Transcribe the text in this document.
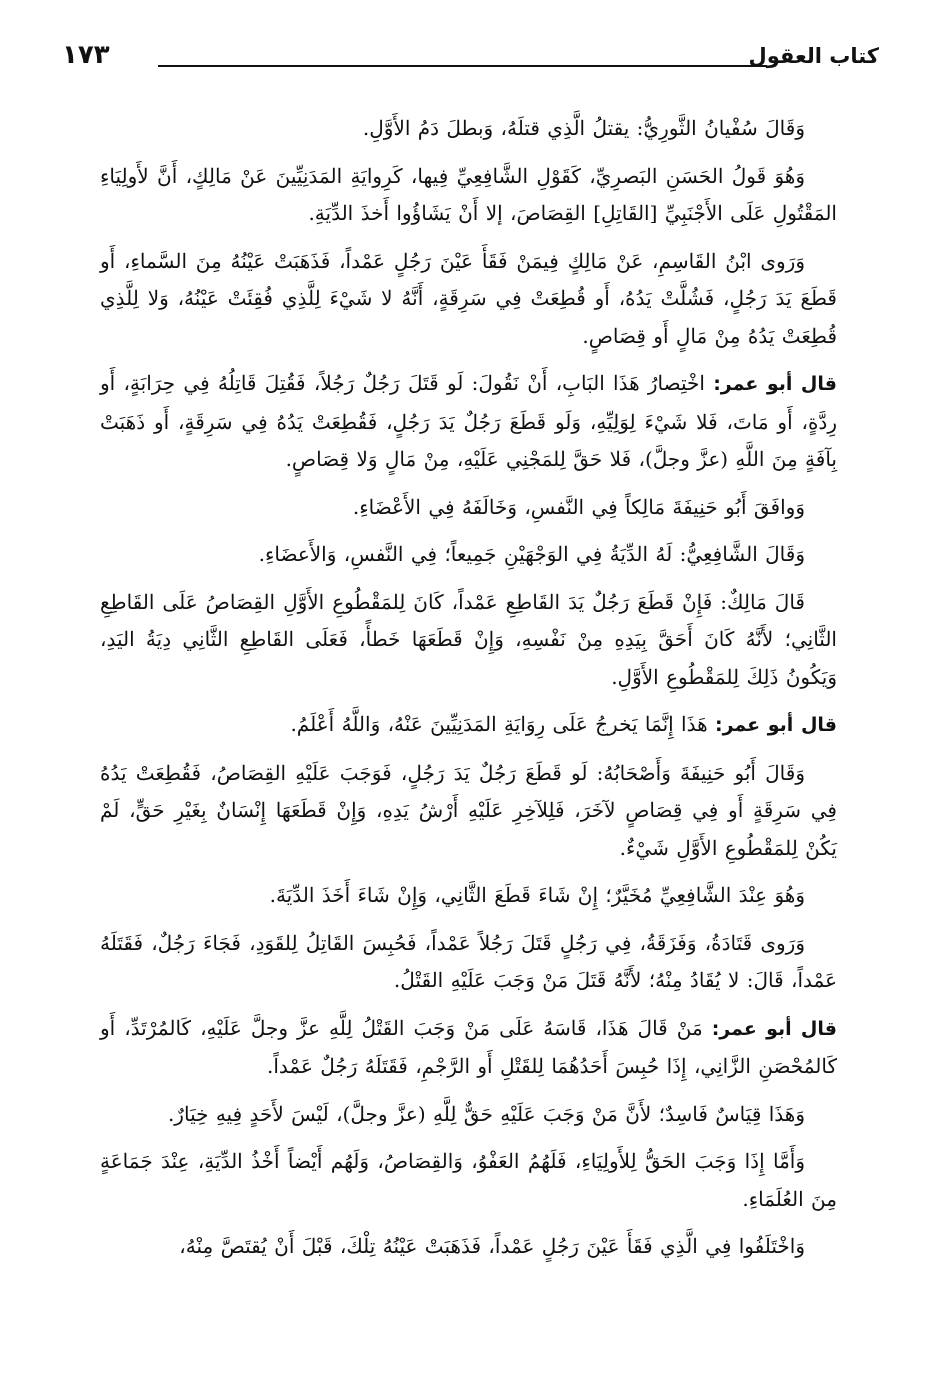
كتاب العقول
١٧٣

وَقَالَ سُفْيانُ الثَّورِيُّ: يقتلُ الَّذِي قتلَهُ، وَبطلَ دَمُ الأَوَّلِ.

وَهُوَ قَولُ الحَسَنِ البَصرِيِّ، كَقَوْلِ الشَّافِعِيِّ فِيها، كَرِوايَةِ المَدَنِيِّينَ عَنْ مَالِكٍ، أَنَّ لأَولِيَاءِ المَقْتُولِ عَلَى الأَجْنَبِيِّ [القَاتِلِ] القِصَاصَ، إلا أَنْ يَشَاؤُوا أَخذَ الدِّيَةِ.

وَرَوى ابْنُ القَاسِمِ، عَنْ مَالِكٍ فِيمَنْ فَقَأَ عَيْنَ رَجُلٍ عَمْداً، فَذَهَبَتْ عَيْنُهُ مِنَ السَّماءِ، أَو قَطَعَ يَدَ رَجُلٍ، فَشُلَّتْ يَدُهُ، أَو قُطِعَتْ فِي سَرِقَةٍ، أَنَّهُ لا شَيْءَ لِلَّذِي فُقِئَتْ عَيْنُهُ، وَلا لِلَّذِي قُطِعَتْ يَدُهُ مِنْ مَالٍ أَو قِصَاصٍ.

قال أبو عمر: اخْتِصارُ هَذَا البَابِ، أَنْ نَقُولَ: لَو قَتَلَ رَجُلٌ رَجُلاً، فَقُتِلَ قَاتِلُهُ فِي حِرَابَةٍ، أَو رِدَّةٍ، أَو مَاتَ، فَلا شَيْءَ لِوَلِيِّهِ، وَلَو قَطَعَ رَجُلٌ يَدَ رَجُلٍ، فَقُطِعَتْ يَدُهُ فِي سَرِقَةٍ، أَو ذَهَبَتْ بِآفَةٍ مِنَ اللَّهِ (عزَّ وجلَّ)، فَلا حَقَّ لِلمَجْنِي عَلَيْهِ، مِنْ مَالٍ وَلا قِصَاصٍ.

وَوافَقَ أَبُو حَنِيفَةَ مَالِكاً فِي النَّفسِ، وَخَالَفَهُ فِي الأَعْضَاءِ.

وَقَالَ الشَّافِعِيُّ: لَهُ الدِّيَةُ فِي الوَجْهَيْنِ جَمِيعاً؛ فِي النَّفسِ، وَالأَعضَاءِ.

قَالَ مَالِكٌ: فَإِنْ قَطَعَ رَجُلٌ يَدَ القَاطِعِ عَمْداً، كَانَ لِلمَقْطُوعِ الأَوَّلِ القِصَاصُ عَلَى القَاطِعِ الثَّانِي؛ لأَنَّهُ كَانَ أَحَقَّ بِيَدِهِ مِنْ نَفْسِهِ، وَإِنْ قَطَعَهَا خَطأً، فَعَلَى القَاطِعِ الثَّانِي دِيَةُ اليَدِ، وَيَكُونُ ذَلِكَ لِلمَقْطُوعِ الأَوَّلِ.

قال أبو عمر: هَذَا إِنَّمَا يَخرجُ عَلَى رِوَايَةِ المَدَنِيِّينَ عَنْهُ، وَاللَّهُ أَعْلَمُ.

وَقَالَ أَبُو حَنِيفَةَ وَأَصْحَابُهُ: لَو قَطَعَ رَجُلٌ يَدَ رَجُلٍ، فَوَجَبَ عَلَيْهِ القِصَاصُ، فَقُطِعَتْ يَدُهُ فِي سَرِقَةٍ أَو فِي قِصَاصٍ لآخَرَ، فَلِلآخِرِ عَلَيْهِ أَرْشُ يَدِهِ، وَإِنْ قَطَعَهَا إِنْسَانٌ بِغَيْرِ حَقٍّ، لَمْ يَكُنْ لِلمَقْطُوعِ الأَوَّلِ شَيْءٌ.

وَهُوَ عِنْدَ الشَّافِعِيِّ مُخَيَّرٌ؛ إِنْ شَاءَ قَطَعَ الثَّانِي، وَإِنْ شَاءَ أَخَذَ الدِّيَةَ.

وَرَوى قَتَادَةُ، وَفَزَقَةُ، فِي رَجُلٍ قَتَلَ رَجُلاً عَمْداً، فَحُبِسَ القَاتِلُ لِلقَوَدِ، فَجَاءَ رَجُلٌ، فَقَتَلَهُ عَمْداً، قَالَ: لا يُقَادُ مِنْهُ؛ لأَنَّهُ قَتَلَ مَنْ وَجَبَ عَلَيْهِ القَتْلُ.

قال أبو عمر: مَنْ قَالَ هَذَا، قَاسَهُ عَلَى مَنْ وَجَبَ القَتْلُ لِلَّهِ عزَّ وجلَّ عَلَيْهِ، كَالمُرْتَدِّ، أَو كَالمُحْصَنِ الزَّانِي، إِذَا حُبِسَ أَحَدُهُمَا لِلقَتْلِ أَو الرَّجْمِ، فَقَتَلَهُ رَجُلٌ عَمْداً.

وَهَذَا قِيَاسٌ فَاسِدٌ؛ لأَنَّ مَنْ وَجَبَ عَلَيْهِ حَقٌّ لِلَّهِ (عزَّ وجلَّ)، لَيْسَ لأَحَدٍ فِيهِ خِيَارٌ.

وَأَمَّا إِذَا وَجَبَ الحَقُّ لِلأَولِيَاءِ، فَلَهُمُ العَفْوُ، وَالقِصَاصُ، وَلَهُم أَيْضاً أَخْذُ الدِّيَةِ، عِنْدَ جَمَاعَةٍ مِنَ العُلَمَاءِ.

وَاخْتَلَفُوا فِي الَّذِي فَقَأَ عَيْنَ رَجُلٍ عَمْداً، فَذَهَبَتْ عَيْنُهُ تِلْكَ، قَبْلَ أَنْ يُقتَصَّ مِنْهُ،
